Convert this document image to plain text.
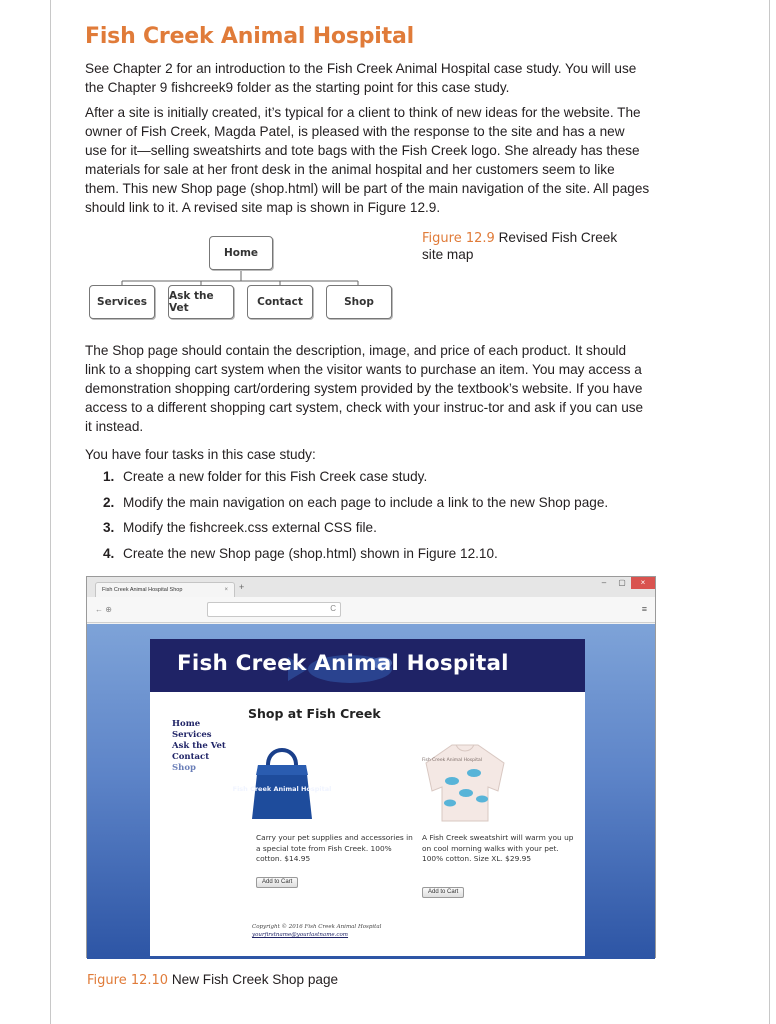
Fish Creek Animal Hospital

See Chapter 2 for an introduction to the Fish Creek Animal Hospital case study. You will use the Chapter 9 fishcreek9 folder as the starting point for this case study.

After a site is initially created, it’s typical for a client to think of new ideas for the website. The owner of Fish Creek, Magda Patel, is pleased with the response to the site and has a new use for it—selling sweatshirts and tote bags with the Fish Creek logo. She already has these materials for sale at her front desk in the animal hospital and her customers seem to like them. This new Shop page (shop.html) will be part of the main navigation of the site. All pages should link to it. A revised site map is shown in Figure 12.9.

Home
Services	Ask the Vet	Contact	Shop
Figure 12.9 Revised Fish Creek site map

The Shop page should contain the description, image, and price of each product. It should link to a shopping cart system when the visitor wants to purchase an item. You may access a demonstration shopping cart/ordering system provided by the textbook’s website. If you have access to a different shopping cart system, check with your instruc-tor and ask if you can use it instead.

You have four tasks in this case study:

1. Create a new folder for this Fish Creek case study.
2. Modify the main navigation on each page to include a link to the new Shop page.
3. Modify the fishcreek.css external CSS file.
4. Create the new Shop page (shop.html) shown in Figure 12.10.
Fish Creek Animal Hospital Shop	× +	–	▢	×
← ⊕	C	≡
Fish Creek Animal Hospital
Home
Services
Ask the Vet
Contact
Shop
Shop at Fish Creek
Fish Creek Animal Hospital
Fish Creek Animal Hospital

Carry your pet supplies and accessories in a special tote from Fish Creek. 100% cotton. $14.95

A Fish Creek sweatshirt will warm you up on cool morning walks with your pet. 100% cotton. Size XL. $29.95

Add to Cart
Add to Cart
Copyright © 2016 Fish Creek Animal Hospital
yourfirstname@yourlastname.com
Figure 12.10 New Fish Creek Shop page
